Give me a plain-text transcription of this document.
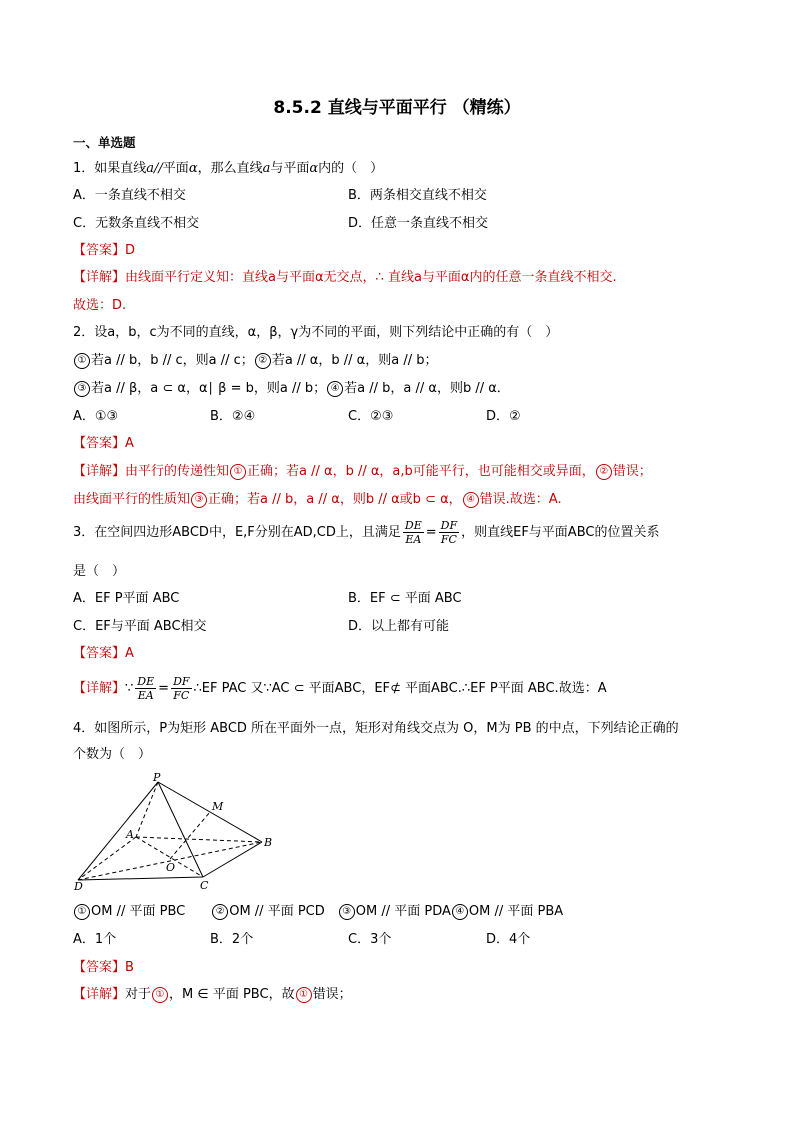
8.5.2 直线与平面平行 （精练）
一、单选题
1．如果直线a//平面α，那么直线a与平面α内的（　）
A．一条直线不相交	B．两条相交直线不相交
C．无数条直线不相交	D．任意一条直线不相交
【答案】D
【详解】由线面平行定义知：直线a与平面α无交点，∴ 直线a与平面α内的任意一条直线不相交.
故选：D.
2．设a，b，c为不同的直线，α，β，γ为不同的平面，则下列结论中正确的有（　）
① 若a // b，b // c，则a // c； ② 若a // α，b // α，则a // b；
③ 若a // β，a ⊂ α，α∣ β = b，则a // b； ④ 若a // b，a // α，则b // α．
A．①③	B．②④	C．②③	D．②
【答案】A
【详解】由平行的传递性知 ① 正确；若a // α，b // α，a,b可能平行，也可能相交或异面， ② 错误；
由线面平行的性质知 ③ 正确；若a // b，a // α，则b // α或b ⊂ α， ④ 错误.故选：A.
3．在空间四边形ABCD中，E,F分别在AD,CD上，且满足 $\frac{DE}{EA} = \frac{DF}{FC}$ ，则直线EF与平面ABC的位置关系
是（　）
A．EF P平面 ABC	B．EF ⊂ 平面 ABC
C．EF与平面 ABC相交	D．以上都有可能
【答案】A
【详解】∵ $\frac{DE}{EA} = \frac{DF}{FC}$ ∴EF PAC 又∵AC ⊂ 平面ABC，EF⊄ 平面ABC.∴EF P平面 ABC.故选：A
4．如图所示，P为矩形 ABCD 所在平面外一点，矩形对角线交点为 O，M为 PB 的中点，下列结论正确的
个数为（　）
P
M
A
B
O
D	C
① OM // 平面 PBC　　② OM // 平面 PCD　③ OM // 平面 PDA ④ OM // 平面 PBA
A．1个	B．2个	C．3个	D．4个
【答案】B
【详解】对于 ① ，M ∈ 平面 PBC，故 ① 错误；
